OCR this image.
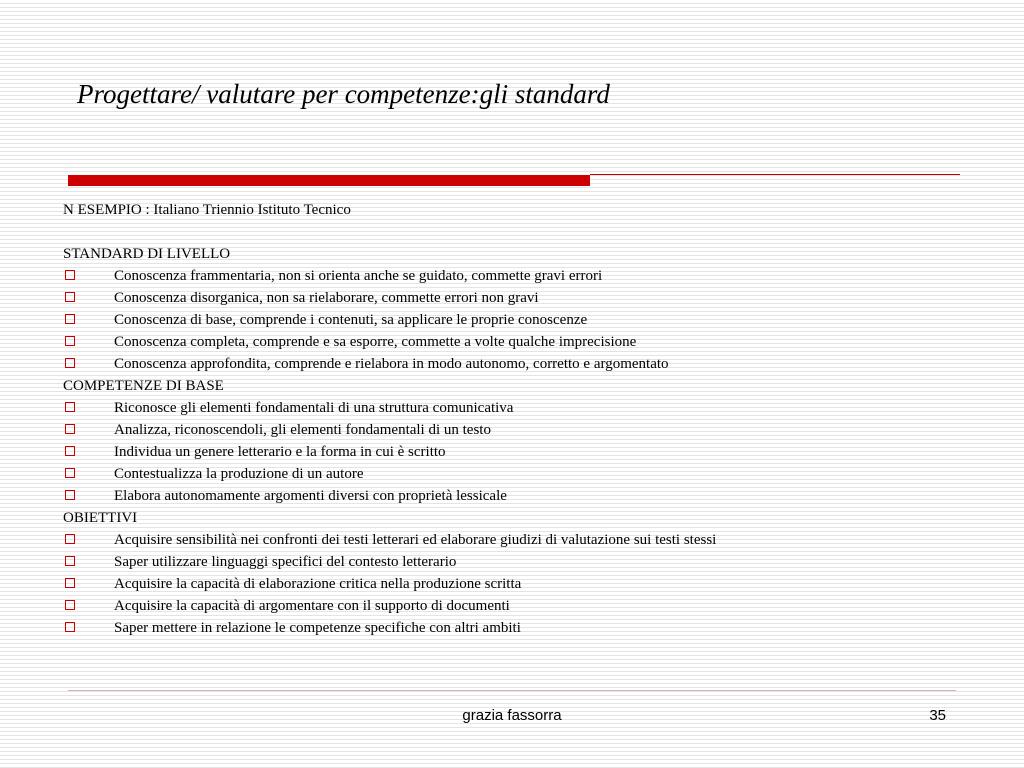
Progettare/ valutare per competenze:gli standard
N ESEMPIO : Italiano Triennio Istituto Tecnico
STANDARD DI LIVELLO
Conoscenza frammentaria, non si orienta anche se guidato, commette gravi errori
Conoscenza disorganica, non sa rielaborare, commette errori non gravi
Conoscenza di base, comprende i contenuti, sa applicare le proprie conoscenze
Conoscenza completa, comprende e sa esporre, commette a volte qualche imprecisione
Conoscenza approfondita, comprende e rielabora in modo autonomo, corretto e argomentato
COMPETENZE DI BASE
Riconosce gli elementi fondamentali di una struttura comunicativa
Analizza, riconoscendoli, gli elementi fondamentali di un testo
Individua un genere letterario e la forma in cui è scritto
Contestualizza la produzione di un autore
Elabora autonomamente argomenti diversi con proprietà lessicale
OBIETTIVI
Acquisire sensibilità nei confronti dei testi letterari ed elaborare giudizi di valutazione sui testi stessi
Saper utilizzare linguaggi specifici del contesto letterario
Acquisire la capacità di elaborazione critica nella produzione scritta
Acquisire la capacità di argomentare con il supporto di documenti
Saper mettere in relazione le competenze specifiche con altri ambiti
grazia fassorra	35
